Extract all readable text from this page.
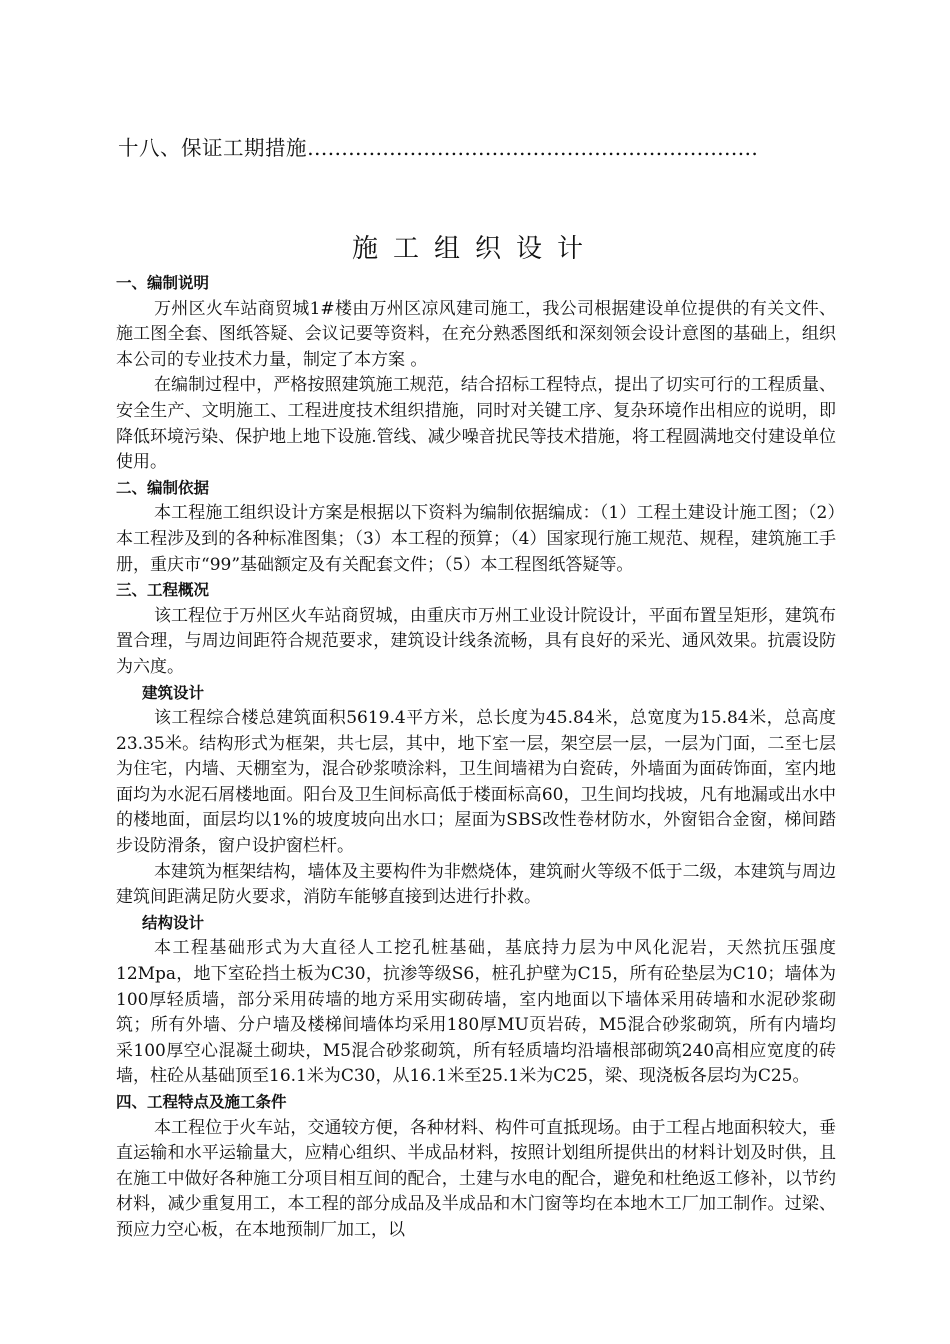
十八、保证工期措施…………………………………………………………
施工组织设计
一、编制说明

万州区火车站商贸城1#楼由万州区凉风建司施工，我公司根据建设单位提供的有关文件、施工图全套、图纸答疑、会议记要等资料，在充分熟悉图纸和深刻领会设计意图的基础上，组织本公司的专业技术力量，制定了本方案 。

在编制过程中，严格按照建筑施工规范，结合招标工程特点，提出了切实可行的工程质量、安全生产、文明施工、工程进度技术组织措施，同时对关键工序、复杂环境作出相应的说明，即降低环境污染、保护地上地下设施.管线、减少噪音扰民等技术措施，将工程圆满地交付建设单位使用。

二、编制依据

本工程施工组织设计方案是根据以下资料为编制依据编成：（1）工程土建设计施工图；（2）本工程涉及到的各种标准图集；（3）本工程的预算；（4）国家现行施工规范、规程，建筑施工手册，重庆市“99”基础额定及有关配套文件；（5）本工程图纸答疑等。

三、工程概况

该工程位于万州区火车站商贸城，由重庆市万州工业设计院设计，平面布置呈矩形，建筑布置合理，与周边间距符合规范要求，建筑设计线条流畅，具有良好的采光、通风效果。抗震设防为六度。

建筑设计

该工程综合楼总建筑面积5619.4平方米，总长度为45.84米，总宽度为15.84米，总高度23.35米。结构形式为框架，共七层，其中，地下室一层，架空层一层，一层为门面，二至七层为住宅，内墙、天棚室为，混合砂浆喷涂料，卫生间墙裙为白瓷砖，外墙面为面砖饰面，室内地面均为水泥石屑楼地面。阳台及卫生间标高低于楼面标高60，卫生间均找坡，凡有地漏或出水中的楼地面，面层均以1%的坡度坡向出水口；屋面为SBS改性卷材防水，外窗铝合金窗，梯间踏步设防滑条，窗户设护窗栏杆。

本建筑为框架结构，墙体及主要构件为非燃烧体，建筑耐火等级不低于二级，本建筑与周边建筑间距满足防火要求，消防车能够直接到达进行扑救。

结构设计

本工程基础形式为大直径人工挖孔桩基础，基底持力层为中风化泥岩，天然抗压强度12Mpa，地下室砼挡土板为C30，抗渗等级S6，桩孔护壁为C15，所有砼垫层为C10；墙体为100厚轻质墙，部分采用砖墙的地方采用实砌砖墙，室内地面以下墙体采用砖墙和水泥砂浆砌筑；所有外墙、分户墙及楼梯间墙体均采用180厚MU页岩砖，M5混合砂浆砌筑，所有内墙均采100厚空心混凝土砌块，M5混合砂浆砌筑，所有轻质墙均沿墙根部砌筑240高相应宽度的砖墙，柱砼从基础顶至16.1米为C30，从16.1米至25.1米为C25，梁、现浇板各层均为C25。

四、工程特点及施工条件

本工程位于火车站，交通较方便，各种材料、构件可直抵现场。由于工程占地面积较大，垂直运输和水平运输量大，应精心组织、半成品材料，按照计划组所提供出的材料计划及时供，且在施工中做好各种施工分项目相互间的配合，土建与水电的配合，避免和杜绝返工修补，以节约材料，减少重复用工，本工程的部分成品及半成品和木门窗等均在本地木工厂加工制作。过梁、预应力空心板，在本地预制厂加工，以
